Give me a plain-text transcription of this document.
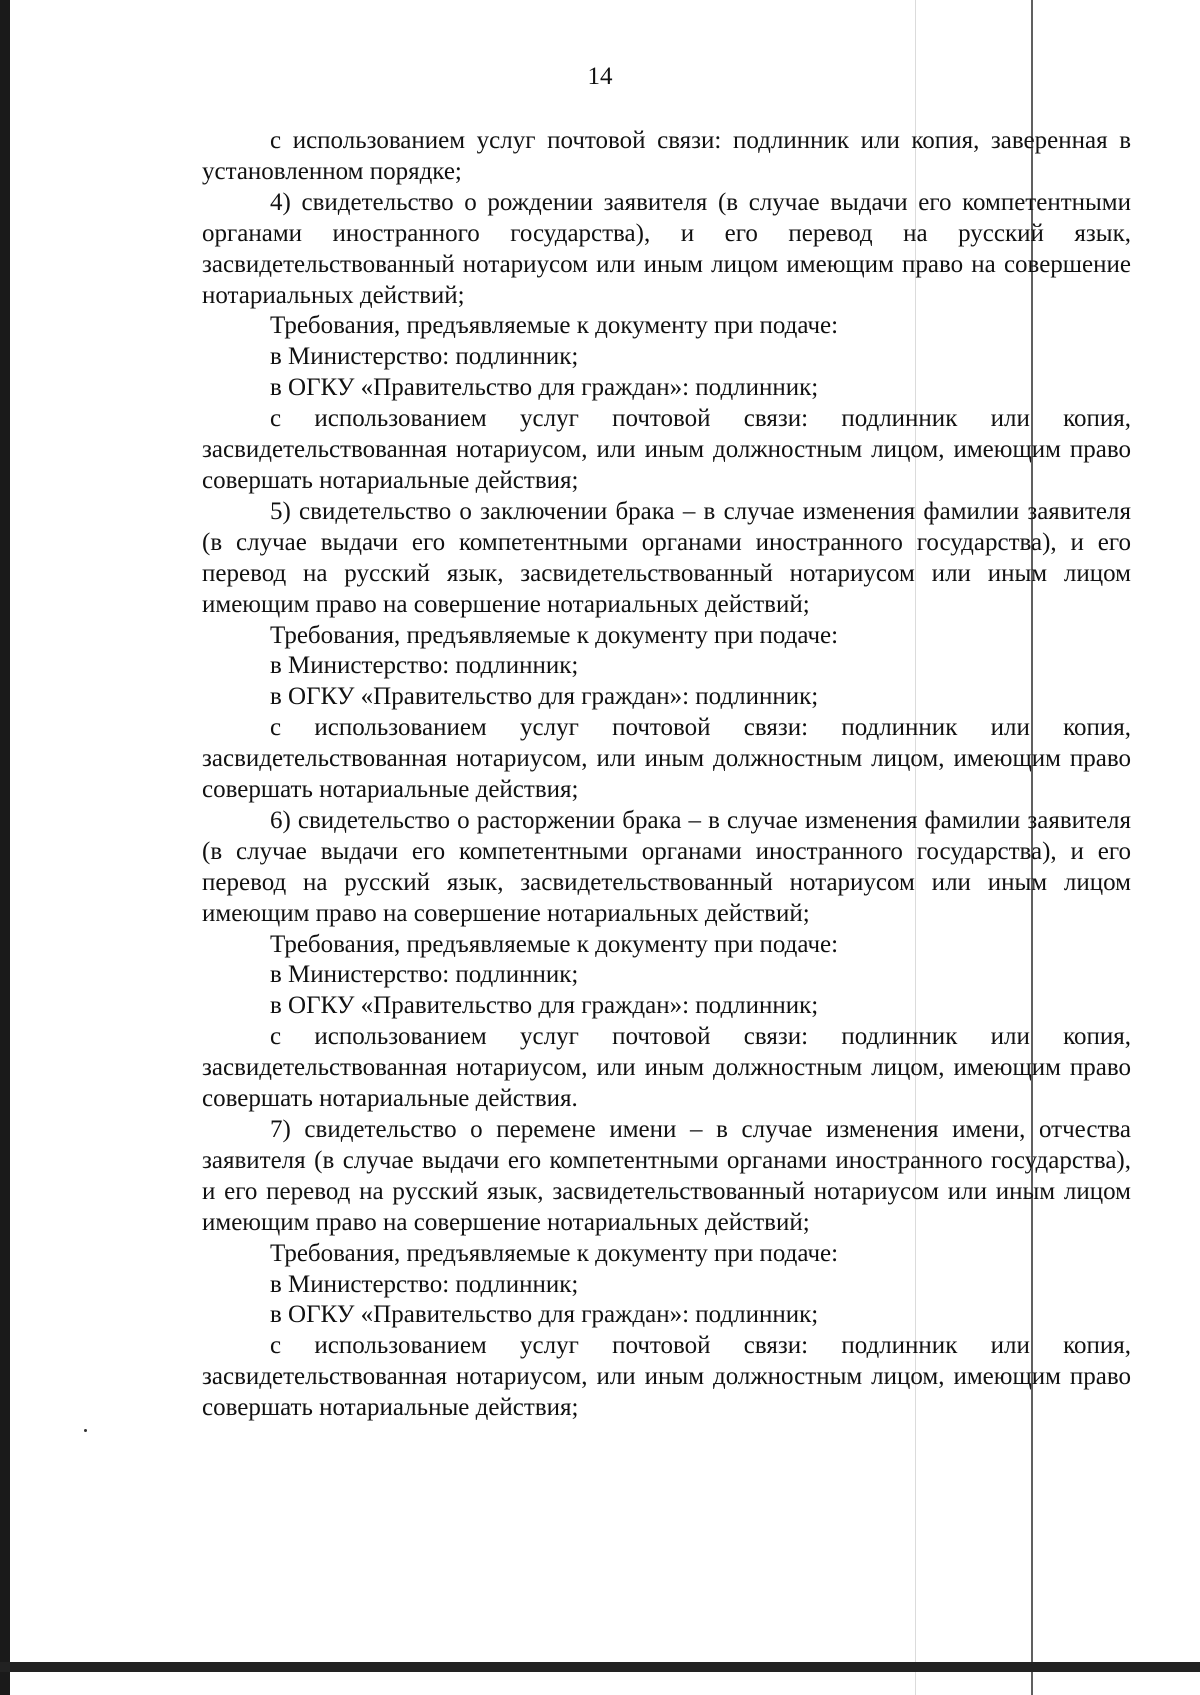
14

с использованием услуг почтовой связи: подлинник или копия, заверенная в установленном порядке;

4) свидетельство о рождении заявителя (в случае выдачи его компетентными органами иностранного государства), и его перевод на русский язык, засвидетельствованный нотариусом или иным лицом имеющим право на совершение нотариальных действий;

Требования, предъявляемые к документу при подаче:

в Министерство: подлинник;

в ОГКУ «Правительство для граждан»: подлинник;

с использованием услуг почтовой связи: подлинник или копия, засвидетельствованная нотариусом, или иным должностным лицом, имеющим право совершать нотариальные действия;

5) свидетельство о заключении брака – в случае изменения фамилии заявителя (в случае выдачи его компетентными органами иностранного государства), и его перевод на русский язык, засвидетельствованный нотариусом или иным лицом имеющим право на совершение нотариальных действий;

Требования, предъявляемые к документу при подаче:

в Министерство: подлинник;

в ОГКУ «Правительство для граждан»: подлинник;

с использованием услуг почтовой связи: подлинник или копия, засвидетельствованная нотариусом, или иным должностным лицом, имеющим право совершать нотариальные действия;

6) свидетельство о расторжении брака – в случае изменения фамилии заявителя (в случае выдачи его компетентными органами иностранного государства), и его перевод на русский язык, засвидетельствованный нотариусом или иным лицом имеющим право на совершение нотариальных действий;

Требования, предъявляемые к документу при подаче:

в Министерство: подлинник;

в ОГКУ «Правительство для граждан»: подлинник;

с использованием услуг почтовой связи: подлинник или копия, засвидетельствованная нотариусом, или иным должностным лицом, имеющим право совершать нотариальные действия.

7) свидетельство о перемене имени – в случае изменения имени, отчества заявителя (в случае выдачи его компетентными органами иностранного государства), и его перевод на русский язык, засвидетельствованный нотариусом или иным лицом имеющим право на совершение нотариальных действий;

Требования, предъявляемые к документу при подаче:

в Министерство: подлинник;

в ОГКУ «Правительство для граждан»: подлинник;

с использованием услуг почтовой связи: подлинник или копия, засвидетельствованная нотариусом, или иным должностным лицом, имеющим право совершать нотариальные действия;
